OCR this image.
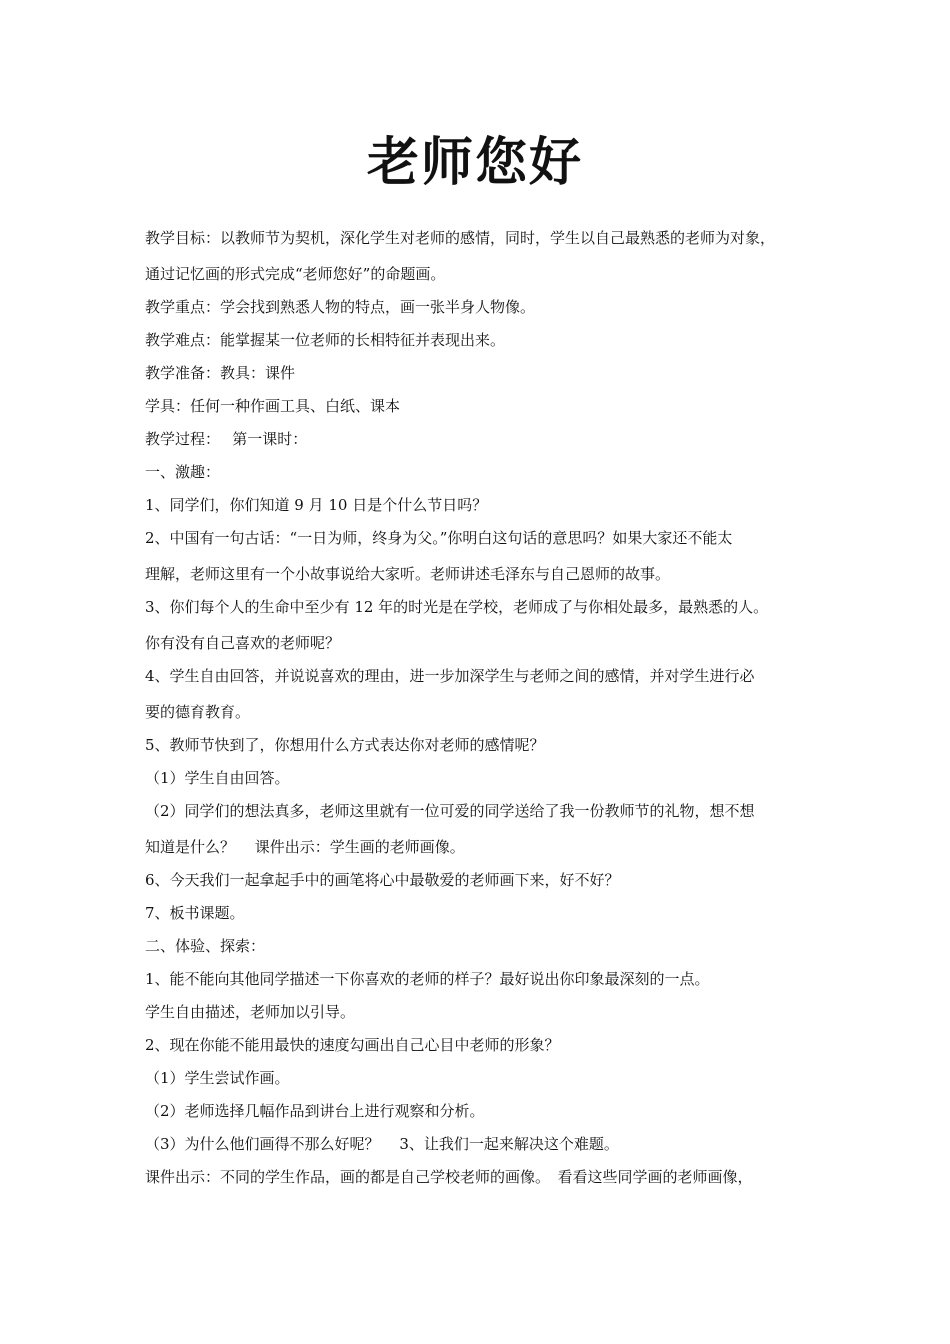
老师您好
教学目标：以教师节为契机，深化学生对老师的感情，同时，学生以自己最熟悉的老师为对象，
通过记忆画的形式完成“老师您好”的命题画。
教学重点：学会找到熟悉人物的特点，画一张半身人物像。
教学难点：能掌握某一位老师的长相特征并表现出来。
教学准备：教具：课件
学具：任何一种作画工具、白纸、课本
教学过程：　 第一课时：
一、激趣：
1、同学们，你们知道 9 月 10 日是个什么节日吗？
2、中国有一句古话：“一日为师，终身为父。”你明白这句话的意思吗？如果大家还不能太
理解，老师这里有一个小故事说给大家听。老师讲述毛泽东与自己恩师的故事。
3、你们每个人的生命中至少有 12 年的时光是在学校，老师成了与你相处最多，最熟悉的人。
你有没有自己喜欢的老师呢？
4、学生自由回答，并说说喜欢的理由，进一步加深学生与老师之间的感情，并对学生进行必
要的德育教育。
5、教师节快到了，你想用什么方式表达你对老师的感情呢？
（1）学生自由回答。
（2）同学们的想法真多，老师这里就有一位可爱的同学送给了我一份教师节的礼物，想不想
知道是什么？　 课件出示：学生画的老师画像。
6、今天我们一起拿起手中的画笔将心中最敬爱的老师画下来，好不好？
7、板书课题。
二、体验、探索：
1、能不能向其他同学描述一下你喜欢的老师的样子？最好说出你印象最深刻的一点。
学生自由描述，老师加以引导。
2、现在你能不能用最快的速度勾画出自己心目中老师的形象？
（1）学生尝试作画。
（2）老师选择几幅作品到讲台上进行观察和分析。
（3）为什么他们画得不那么好呢？　 3、让我们一起来解决这个难题。
课件出示：不同的学生作品，画的都是自己学校老师的画像。　看看这些同学画的老师画像，
